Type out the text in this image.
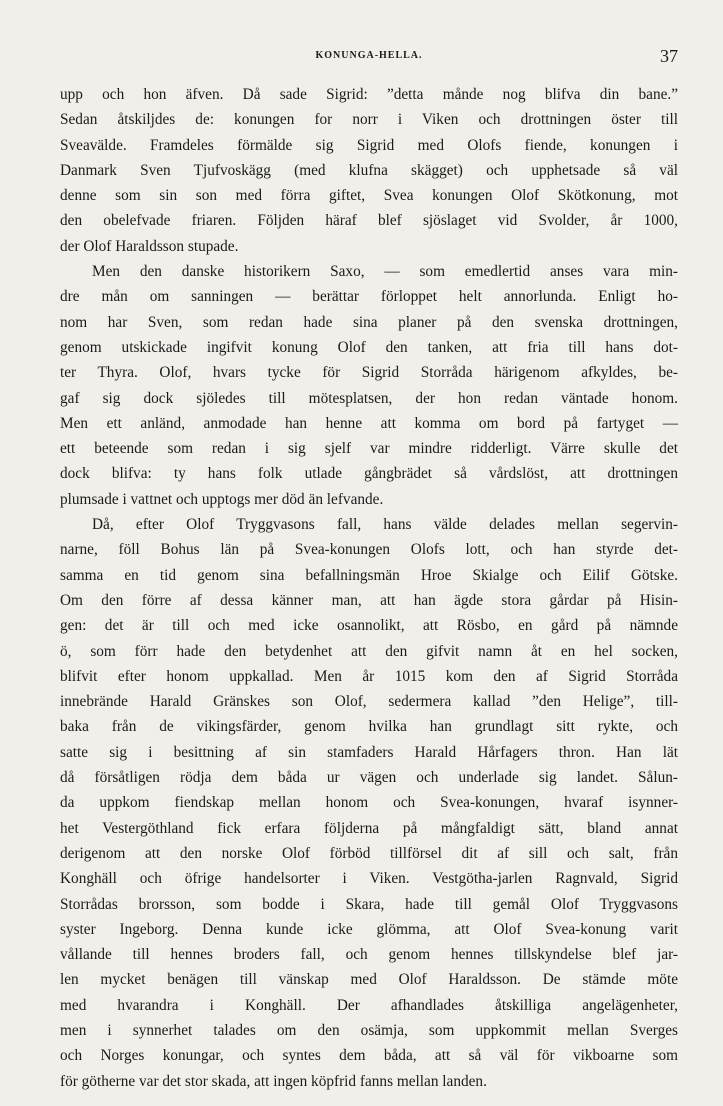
KONUNGA-HELLA.	37
upp och hon äfven. Då sade Sigrid: ”detta månde nog blifva din bane.”
Sedan åtskiljdes de: konungen for norr i Viken och drottningen öster till
Sveavälde. Framdeles förmälde sig Sigrid med Olofs fiende, konungen i
Danmark Sven Tjufvoskägg (med klufna skägget) och upphetsade så väl
denne som sin son med förra giftet, Svea konungen Olof Skötkonung, mot
den obelefvade friaren. Följden häraf blef sjöslaget vid Svolder, år 1000,
der Olof Haraldsson stupade.
Men den danske historikern Saxo, — som emedlertid anses vara min-
dre mån om sanningen — berättar förloppet helt annorlunda. Enligt ho-
nom har Sven, som redan hade sina planer på den svenska drottningen,
genom utskickade ingifvit konung Olof den tanken, att fria till hans dot-
ter Thyra. Olof, hvars tycke för Sigrid Storråda härigenom afkyldes, be-
gaf sig dock sjöledes till mötesplatsen, der hon redan väntade honom.
Men ett anländ, anmodade han henne att komma om bord på fartyget —
ett beteende som redan i sig sjelf var mindre ridderligt. Värre skulle det
dock blifva: ty hans folk utlade gångbrädet så vårdslöst, att drottningen
plumsade i vattnet och upptogs mer död än lefvande.
Då, efter Olof Tryggvasons fall, hans välde delades mellan segervin-
narne, föll Bohus län på Svea-konungen Olofs lott, och han styrde det-
samma en tid genom sina befallningsmän Hroe Skialge och Eilif Götske.
Om den förre af dessa känner man, att han ägde stora gårdar på Hisin-
gen: det är till och med icke osannolikt, att Rösbo, en gård på nämnde
ö, som förr hade den betydenhet att den gifvit namn åt en hel socken,
blifvit efter honom uppkallad. Men år 1015 kom den af Sigrid Storråda
innebrände Harald Gränskes son Olof, sedermera kallad ”den Helige”, till-
baka från de vikingsfärder, genom hvilka han grundlagt sitt rykte, och
satte sig i besittning af sin stamfaders Harald Hårfagers thron. Han lät
då försåtligen rödja dem båda ur vägen och underlade sig landet. Sålun-
da uppkom fiendskap mellan honom och Svea-konungen, hvaraf isynner-
het Vestergöthland fick erfara följderna på mångfaldigt sätt, bland annat
derigenom att den norske Olof förböd tillförsel dit af sill och salt, från
Konghäll och öfrige handelsorter i Viken. Vestgötha-jarlen Ragnvald, Sigrid
Storrådas brorsson, som bodde i Skara, hade till gemål Olof Tryggvasons
syster Ingeborg. Denna kunde icke glömma, att Olof Svea-konung varit
vållande till hennes broders fall, och genom hennes tillskyndelse blef jar-
len mycket benägen till vänskap med Olof Haraldsson. De stämde möte
med hvarandra i Konghäll. Der afhandlades åtskilliga angelägenheter,
men i synnerhet talades om den osämja, som uppkommit mellan Sverges
och Norges konungar, och syntes dem båda, att så väl för vikboarne som
för götherne var det stor skada, att ingen köpfrid fanns mellan landen.
